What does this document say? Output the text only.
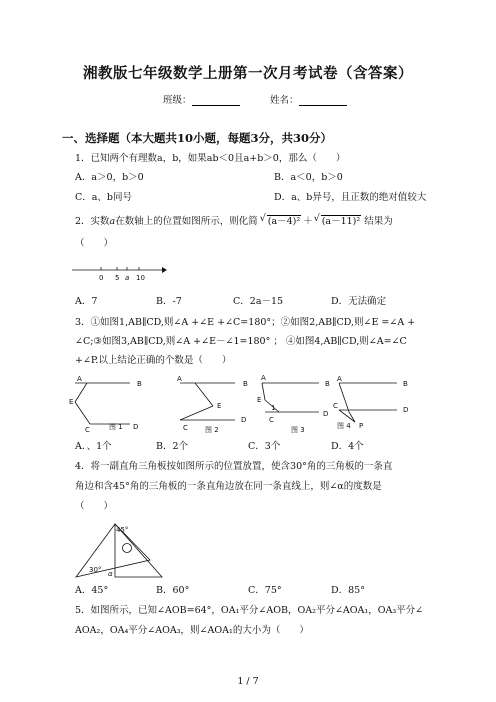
湘教版七年级数学上册第一次月考试卷（含答案）
班级：	姓名：
一、选择题（本大题共10小题，每题3分，共30分）
1．已知两个有理数a，b，如果ab＜0且a+b＞0，那么（　　）
A．a＞0，b＞0	B．a＜0，b＞0
C．a、b同号	D．a、b异号，且正数的绝对值较大
2．实数a在数轴上的位置如图所示，则化简 √ (a－4)² ＋ √ (a－11)² 结果为
（　　）
0 5 a 10
A．7	B．-7	C．2a－15	D．无法确定
3．①如图1,AB∥CD,则∠A +∠E +∠C=180°；②如图2,AB∥CD,则∠E =∠A +
∠C;③如图3,AB∥CD,则∠A +∠E－∠1=180° ； ④如图4,AB∥CD,则∠A=∠C
+∠P.以上结论正确的个数是（　　）
A
B
E
C	D
图 1
A
B
E
C
D
图 2
A
B
E
1
C
D
图 3
A
B
C	D
P
图 4
A．、1个	B．2个	C．3个	D．4个
4．将一副直角三角板按如图所示的位置放置，使含30°角的三角板的一条直
角边和含45°角的三角板的一条直角边放在同一条直线上，则∠α的度数是
（　　）
45°
30° α
A．45°	B．60°	C．75°	D．85°
5．如图所示，已知∠AOB=64°，OA₁平分∠AOB，OA₂平分∠AOA₁，OA₃平分∠
AOA₂，OA₄平分∠AOA₃，则∠AOA₁的大小为（　　）
1 / 7
